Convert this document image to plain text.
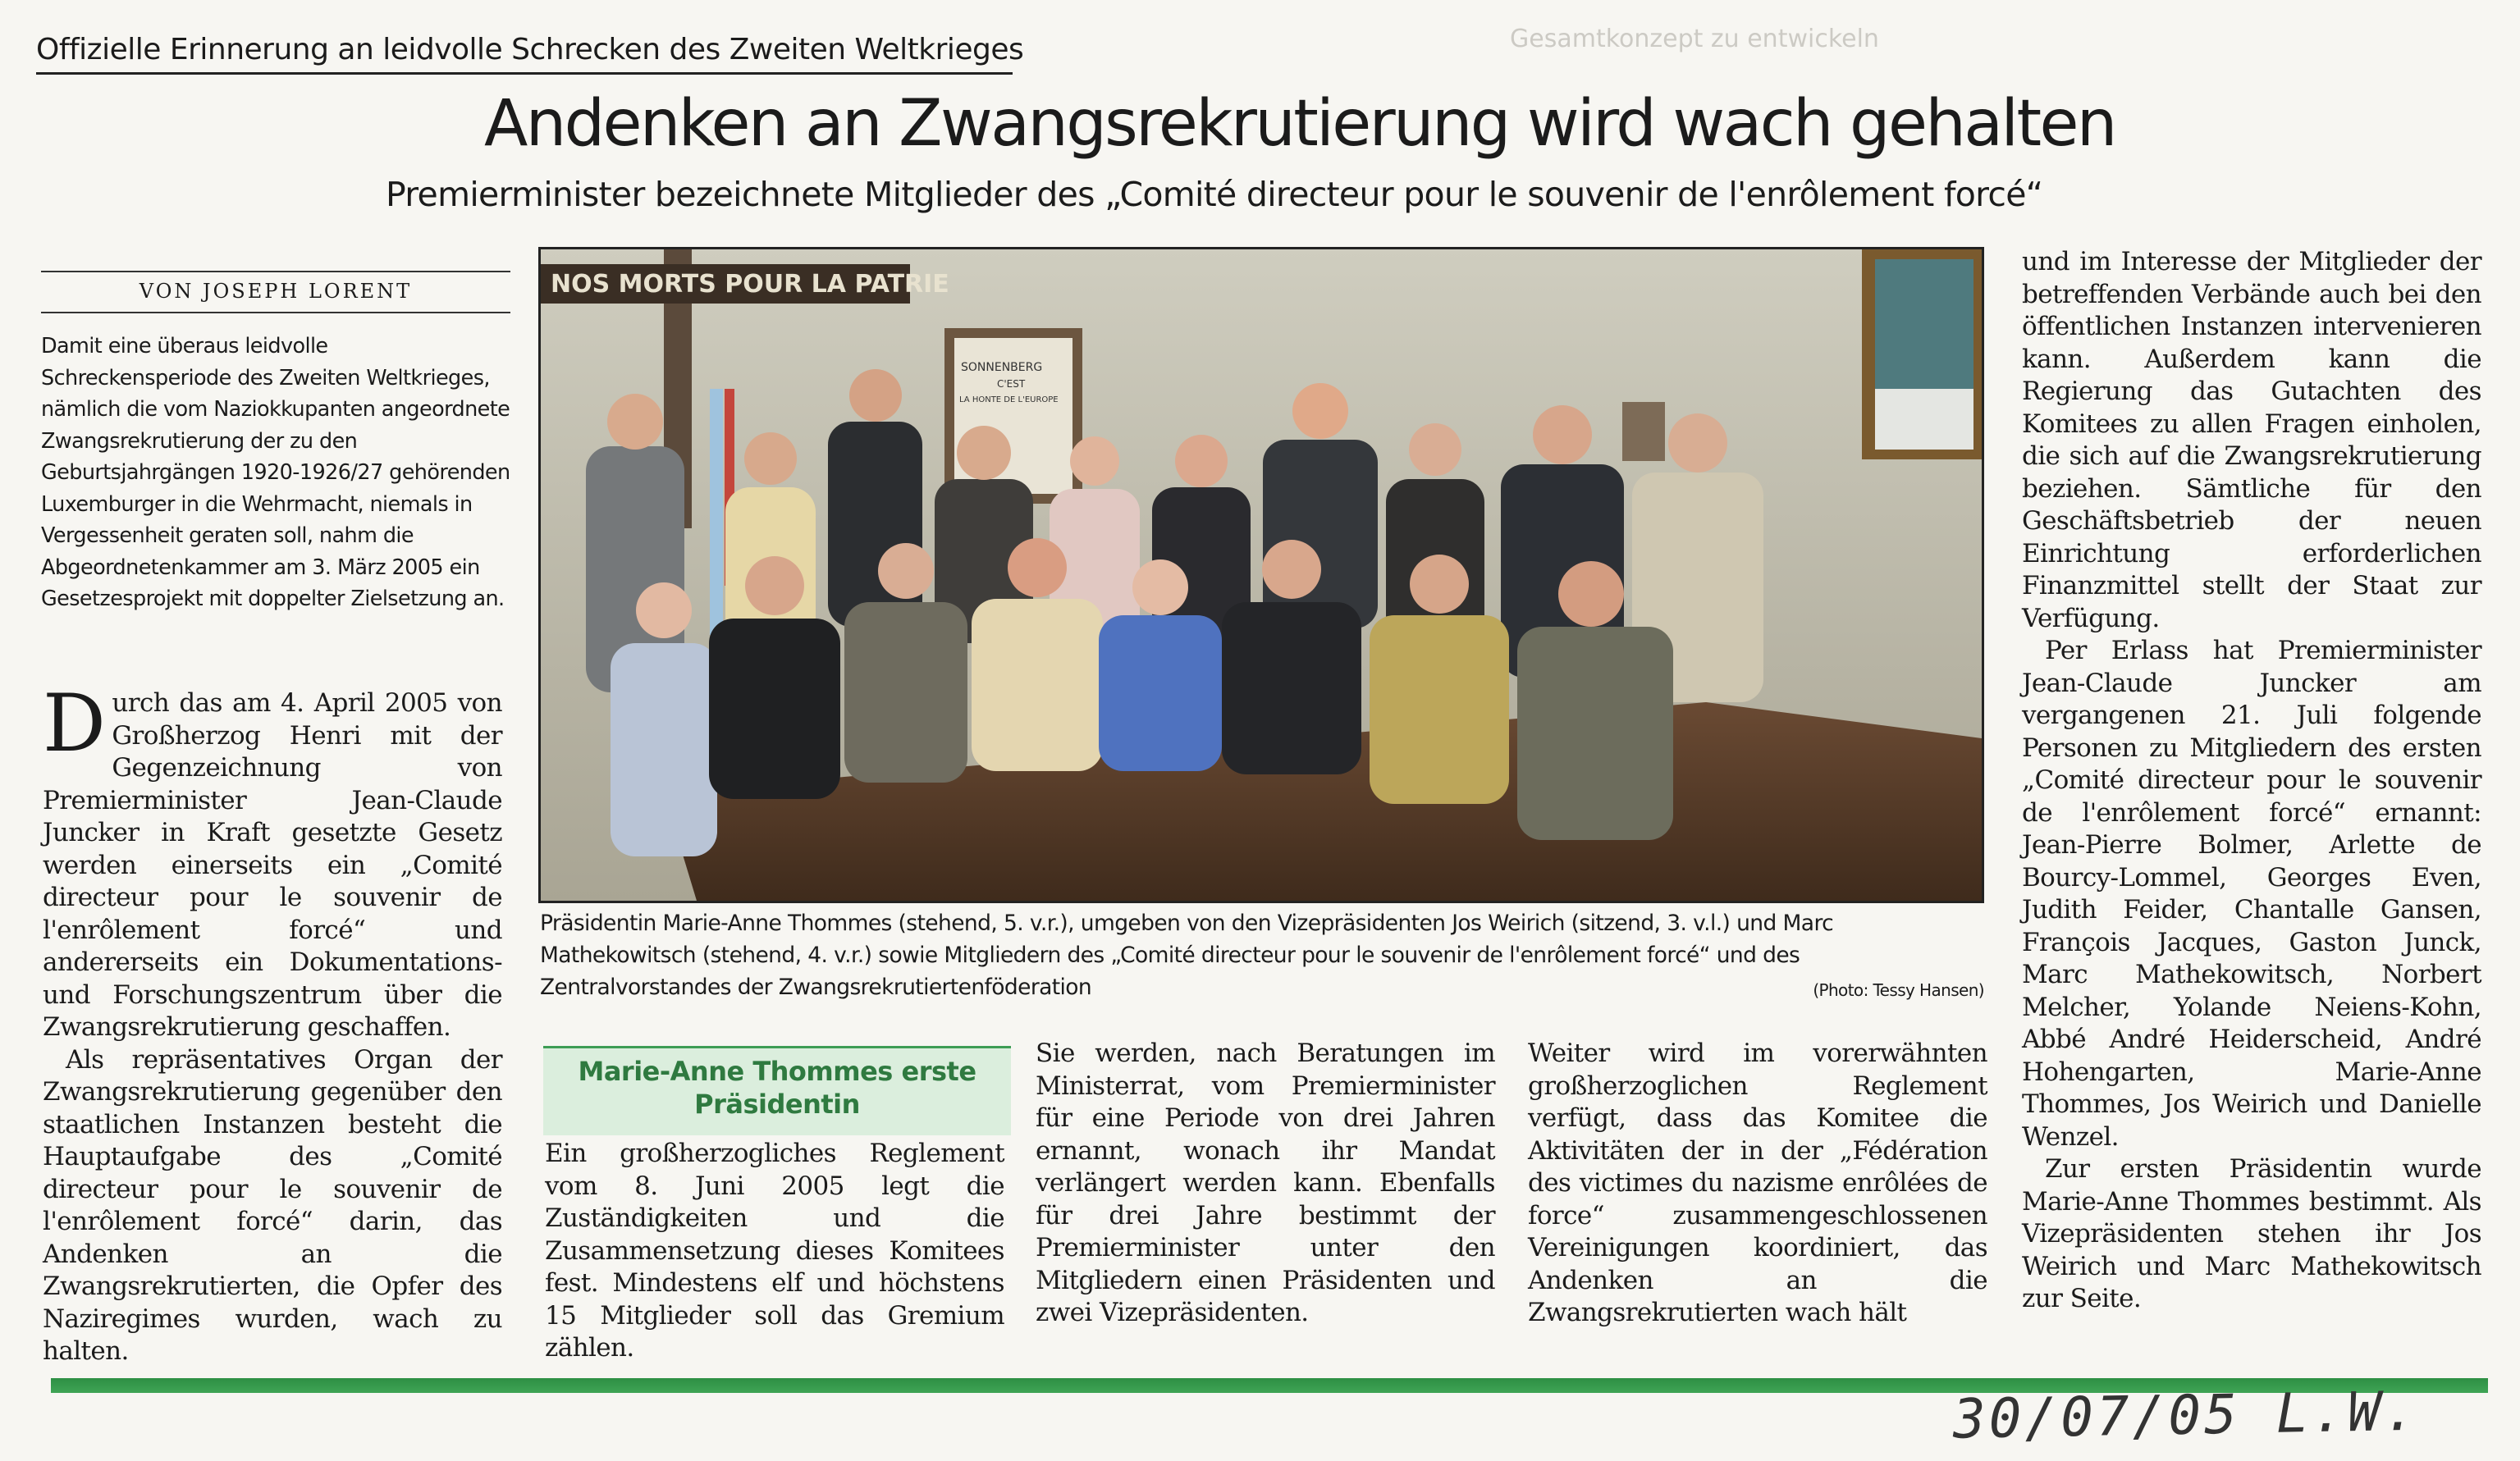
Gesamtkonzept zu entwickeln
Offizielle Erinnerung an leidvolle Schrecken des Zweiten Weltkrieges
Andenken an Zwangsrekrutierung wird wach gehalten
Premierminister bezeichnete Mitglieder des „Comité directeur pour le souvenir de l'enrôlement forcé“
VON JOSEPH LORENT
Damit eine überaus leidvolle Schreckensperiode des Zweiten Weltkrieges, nämlich die vom Naziokkupanten angeordnete Zwangsrekrutierung der zu den Geburtsjahrgängen 1920-1926/27 gehörenden Luxemburger in die Wehrmacht, niemals in Vergessenheit geraten soll, nahm die Abgeordnetenkammer am 3. März 2005 ein Gesetzesprojekt mit doppelter Zielsetzung an.

Durch das am 4. April 2005 von Großherzog Henri mit der Gegenzeichnung von Premierminister Jean-Claude Juncker in Kraft gesetzte Gesetz werden einerseits ein „Comité directeur pour le souvenir de l'enrôlement forcé“ und andererseits ein Dokumentations- und Forschungszentrum über die Zwangsrekrutierung geschaffen.

Als repräsentatives Organ der Zwangsrekrutierung gegenüber den staatlichen Instanzen besteht die Hauptaufgabe des „Comité directeur pour le souvenir de l'enrôlement forcé“ darin, das Andenken an die Zwangsrekrutierten, die Opfer des Naziregimes wurden, wach zu halten.

NOS MORTS POUR LA PATRIE
SONNENBERG
C'EST
LA HONTE DE L'EUROPE
Präsidentin Marie-Anne Thommes (stehend, 5. v.r.), umgeben von den Vizepräsidenten Jos Weirich (sitzend, 3. v.l.) und Marc Mathekowitsch (stehend, 4. v.r.) sowie Mitgliedern des „Comité directeur pour le souvenir de l'enrôlement forcé“ und des Zentralvorstandes der Zwangsrekrutiertenföderation	(Photo: Tessy Hansen)
Marie-Anne Thommes erste Präsidentin
Ein großherzogliches Reglement vom 8. Juni 2005 legt die Zuständigkeiten und die Zusammensetzung dieses Komitees fest. Mindestens elf und höchstens 15 Mitglieder soll das Gremium zählen.
Sie werden, nach Beratungen im Ministerrat, vom Premierminister für eine Periode von drei Jahren ernannt, wonach ihr Mandat verlängert werden kann. Ebenfalls für drei Jahre bestimmt der Premierminister unter den Mitgliedern einen Präsidenten und zwei Vizepräsidenten.
Weiter wird im vorerwähnten großherzoglichen Reglement verfügt, dass das Komitee die Aktivitäten der in der „Fédération des victimes du nazisme enrôlées de force“ zusammengeschlossenen Vereinigungen koordiniert, das Andenken an die Zwangsrekrutierten wach hält

und im Interesse der Mitglieder der betreffenden Verbände auch bei den öffentlichen Instanzen intervenieren kann. Außerdem kann die Regierung das Gutachten des Komitees zu allen Fragen einholen, die sich auf die Zwangsrekrutierung beziehen. Sämtliche für den Geschäftsbetrieb der neuen Einrichtung erforderlichen Finanzmittel stellt der Staat zur Verfügung.

Per Erlass hat Premierminister Jean-Claude Juncker am vergangenen 21. Juli folgende Personen zu Mitgliedern des ersten „Comité directeur pour le souvenir de l'enrôlement forcé“ ernannt: Jean-Pierre Bolmer, Arlette de Bourcy-Lommel, Georges Even, Judith Feider, Chantalle Gansen, François Jacques, Gaston Junck, Marc Mathekowitsch, Norbert Melcher, Yolande Neiens-Kohn, Abbé André Heiderscheid, André Hohengarten, Marie-Anne Thommes, Jos Weirich und Danielle Wenzel.

Zur ersten Präsidentin wurde Marie-Anne Thommes bestimmt. Als Vizepräsidenten stehen ihr Jos Weirich und Marc Mathekowitsch zur Seite.

30/07/05 L.W.
